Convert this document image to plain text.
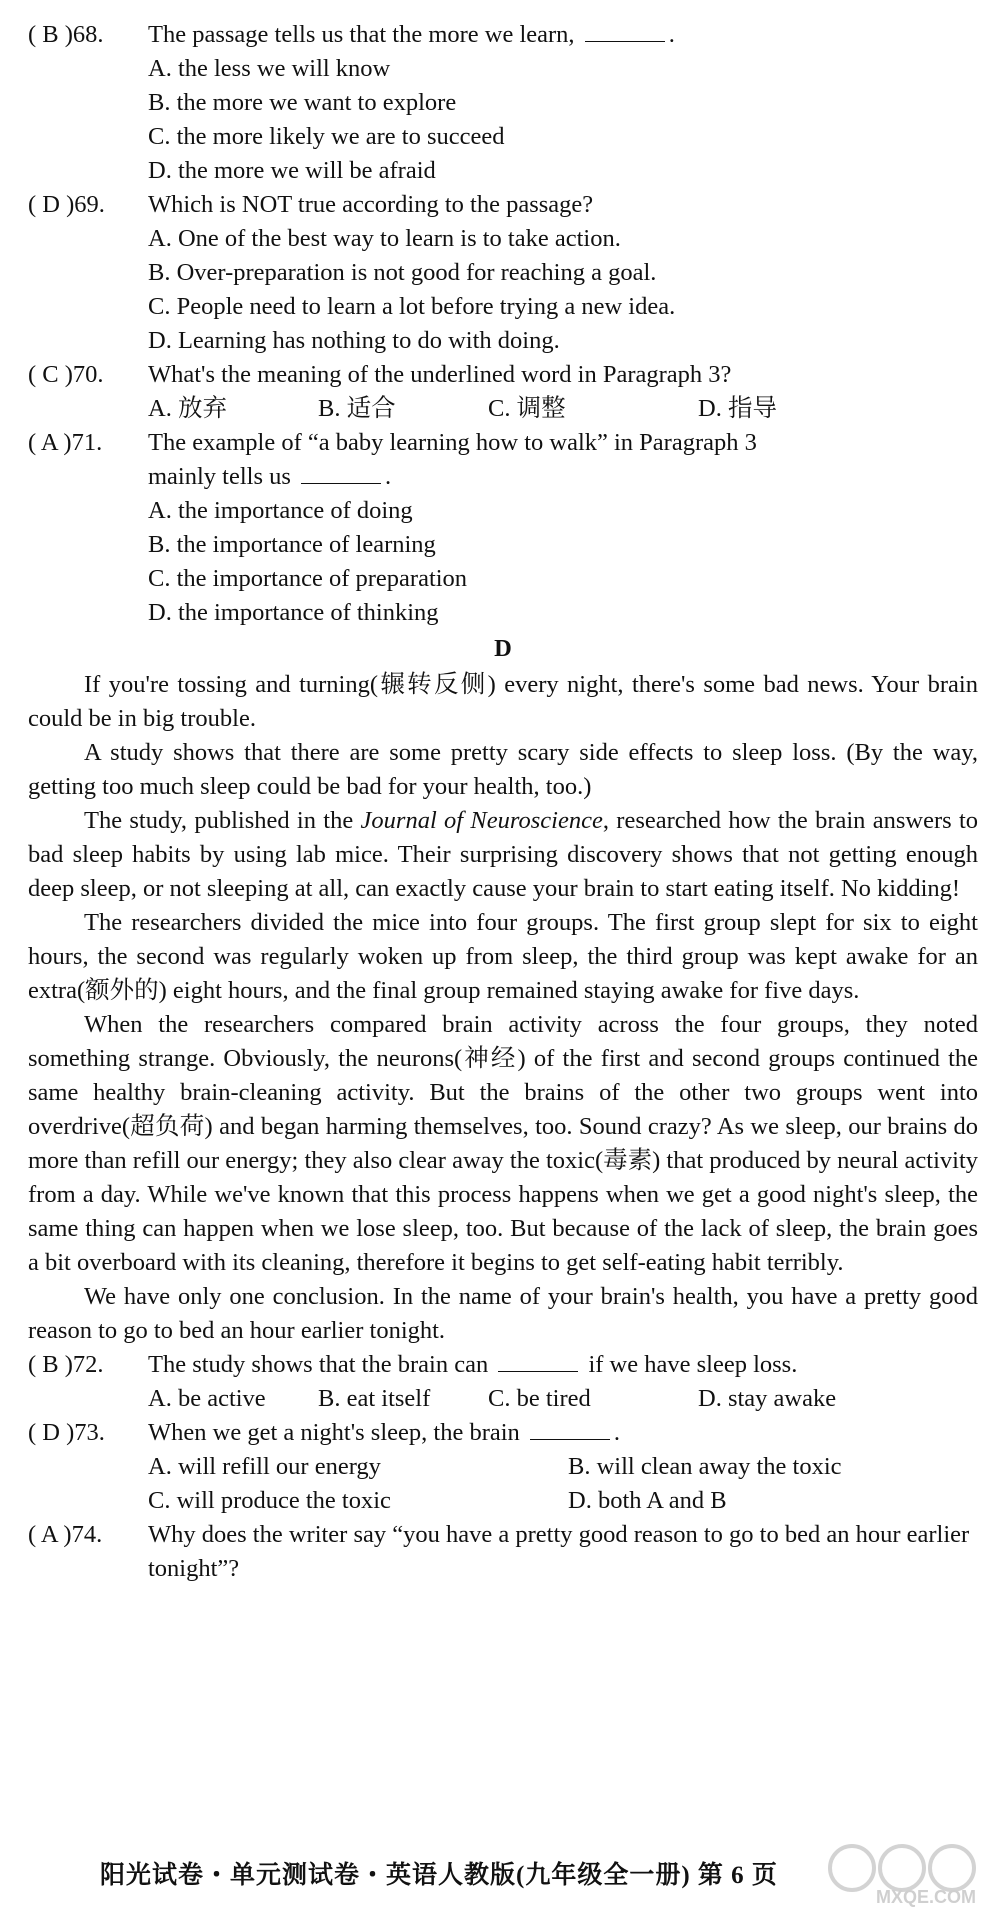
( B )68.	The passage tells us that the more we learn,	.
A. the less we will know
B. the more we want to explore
C. the more likely we are to succeed
D. the more we will be afraid
( D )69.	Which is NOT true according to the passage?
A. One of the best way to learn is to take action.
B. Over-preparation is not good for reaching a goal.
C. People need to learn a lot before trying a new idea.
D. Learning has nothing to do with doing.
( C )70.	What's the meaning of the underlined word in Paragraph 3?
A. 放弃	B. 适合	C. 调整	D. 指导
( A )71.	The example of “a baby learning how to walk” in Paragraph 3
mainly tells us	.
A. the importance of doing
B. the importance of learning
C. the importance of preparation
D. the importance of thinking
D
If you're tossing and turning(辗转反侧) every night, there's some bad news. Your brain could be in big trouble.
A study shows that there are some pretty scary side effects to sleep loss. (By the way, getting too much sleep could be bad for your health, too.)
The study, published in the Journal of Neuroscience, researched how the brain answers to bad sleep habits by using lab mice. Their surprising discovery shows that not getting enough deep sleep, or not sleeping at all, can exactly cause your brain to start eating itself. No kidding!
The researchers divided the mice into four groups. The first group slept for six to eight hours, the second was regularly woken up from sleep, the third group was kept awake for an extra(额外的) eight hours, and the final group remained staying awake for five days.
When the researchers compared brain activity across the four groups, they noted something strange. Obviously, the neurons(神经) of the first and second groups continued the same healthy brain-cleaning activity. But the brains of the other two groups went into overdrive(超负荷) and began harming themselves, too. Sound crazy? As we sleep, our brains do more than refill our energy; they also clear away the toxic(毒素) that produced by neural activity from a day. While we've known that this process happens when we get a good night's sleep, the same thing can happen when we lose sleep, too. But because of the lack of sleep, the brain goes a bit overboard with its cleaning, therefore it begins to get self-eating habit terribly.
We have only one conclusion. In the name of your brain's health, you have a pretty good reason to go to bed an hour earlier tonight.
( B )72.	The study shows that the brain can	if we have sleep loss.
A. be active	B. eat itself	C. be tired	D. stay awake
( D )73.	When we get a night's sleep, the brain	.
A. will refill our energy	B. will clean away the toxic
C. will produce the toxic	D. both A and B
( A )74.	Why does the writer say “you have a pretty good reason to go to bed an hour earlier tonight”?
阳光试卷・单元测试卷・英语人教版(九年级全一册) 第 6 页
MXQE.COM
